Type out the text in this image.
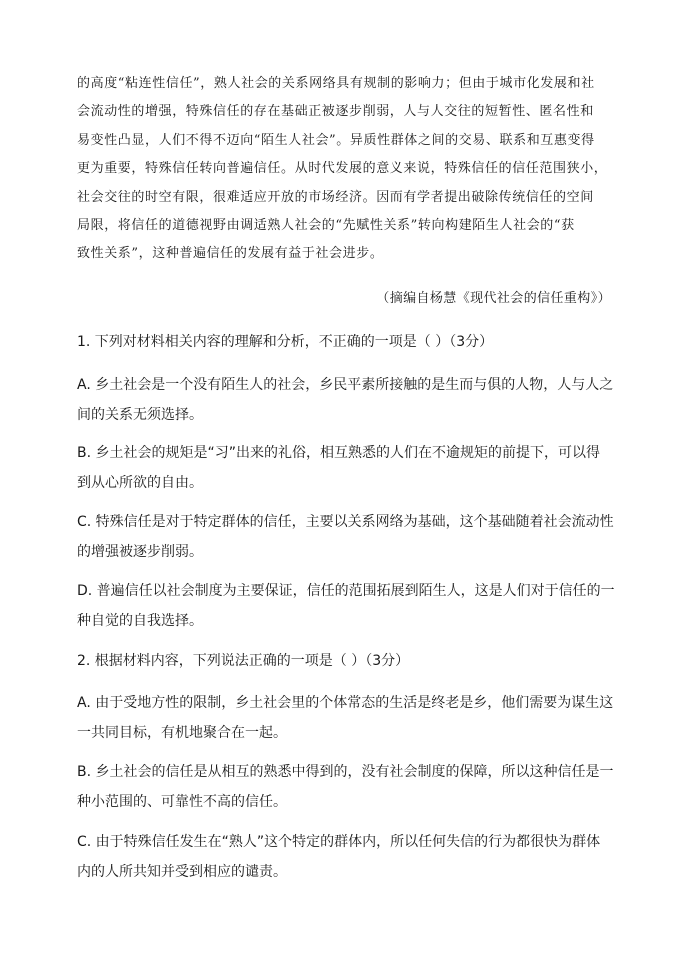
的高度“粘连性信任”，熟人社会的关系网络具有规制的影响力；但由于城市化发展和社
会流动性的增强，特殊信任的存在基础正被逐步削弱，人与人交往的短暂性、匿名性和
易变性凸显，人们不得不迈向“陌生人社会”。异质性群体之间的交易、联系和互惠变得
更为重要，特殊信任转向普遍信任。从时代发展的意义来说，特殊信任的信任范围狭小，
社会交往的时空有限，很难适应开放的市场经济。因而有学者提出破除传统信任的空间
局限，将信任的道德视野由调适熟人社会的“先赋性关系”转向构建陌生人社会的“获
致性关系”，这种普遍信任的发展有益于社会进步。
（摘编自杨慧《现代社会的信任重构》）
1. 下列对材料相关内容的理解和分析，不正确的一项是（ ）（3分）
A. 乡土社会是一个没有陌生人的社会，乡民平素所接触的是生而与俱的人物，人与人之
间的关系无须选择。
B. 乡土社会的规矩是“习”出来的礼俗，相互熟悉的人们在不逾规矩的前提下，可以得
到从心所欲的自由。
C. 特殊信任是对于特定群体的信任，主要以关系网络为基础，这个基础随着社会流动性
的增强被逐步削弱。
D. 普遍信任以社会制度为主要保证，信任的范围拓展到陌生人，这是人们对于信任的一
种自觉的自我选择。
2. 根据材料内容，下列说法正确的一项是（ ）（3分）
A. 由于受地方性的限制，乡土社会里的个体常态的生活是终老是乡，他们需要为谋生这
一共同目标，有机地聚合在一起。
B. 乡土社会的信任是从相互的熟悉中得到的，没有社会制度的保障，所以这种信任是一
种小范围的、可靠性不高的信任。
C. 由于特殊信任发生在“熟人”这个特定的群体内，所以任何失信的行为都很快为群体
内的人所共知并受到相应的谴责。
